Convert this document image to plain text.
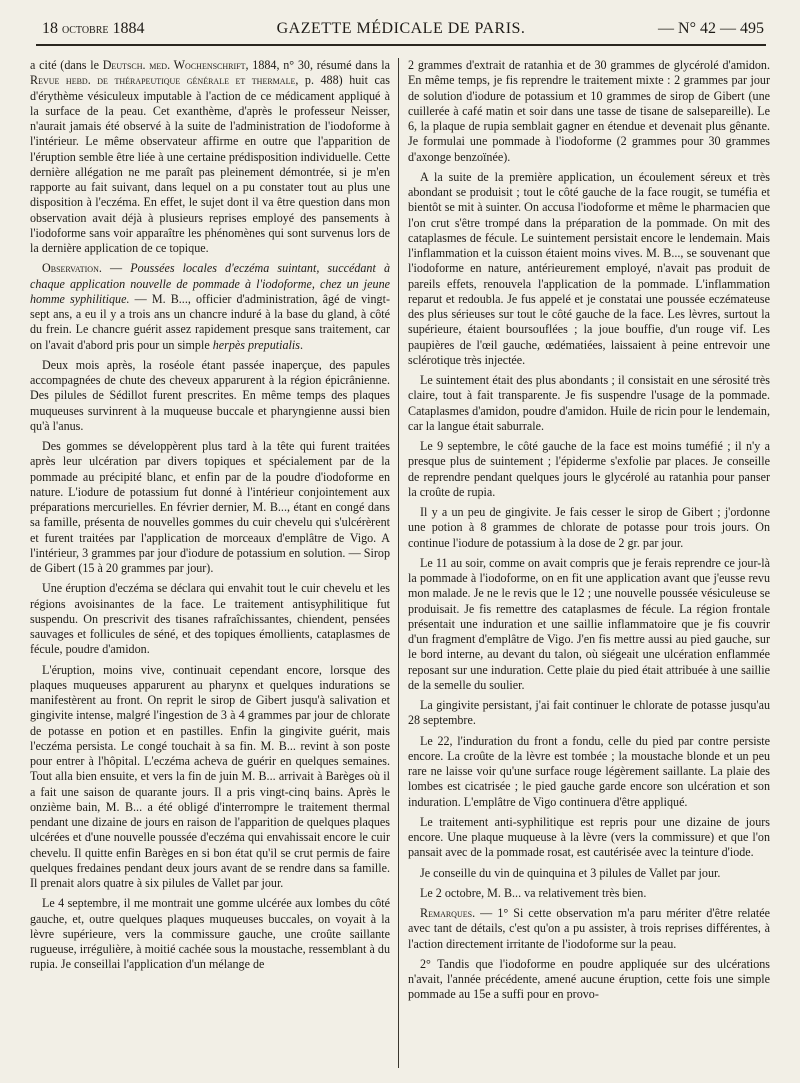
18 octobre 1884	GAZETTE MÉDICALE DE PARIS.	— N° 42 — 495

a cité (dans le Deutsch. med. Wochenschrift, 1884, n° 30, résumé dans la Revue hebd. de thérapeutique générale et thermale, p. 488) huit cas d'érythème vésiculeux imputable à l'action de ce médicament appliqué à la surface de la peau. Cet exanthème, d'après le professeur Neisser, n'aurait jamais été observé à la suite de l'administration de l'iodoforme à l'intérieur. Le même observateur affirme en outre que l'apparition de l'éruption semble être liée à une certaine prédisposition individuelle. Cette dernière allégation ne me paraît pas pleinement démontrée, si je m'en rapporte au fait suivant, dans lequel on a pu constater tout au plus une disposition à l'eczéma. En effet, le sujet dont il va être question dans mon observation avait déjà à plusieurs reprises employé des pansements à l'iodoforme sans voir apparaître les phénomènes qui sont survenus lors de la dernière application de ce topique.

Observation. — Poussées locales d'eczéma suintant, succédant à chaque application nouvelle de pommade à l'iodoforme, chez un jeune homme syphilitique. — M. B..., officier d'administration, âgé de vingt-sept ans, a eu il y a trois ans un chancre induré à la base du gland, à côté du frein. Le chancre guérit assez rapidement presque sans traitement, car on l'avait d'abord pris pour un simple herpès preputialis.

Deux mois après, la roséole étant passée inaperçue, des papules accompagnées de chute des cheveux apparurent à la région épicrânienne. Des pilules de Sédillot furent prescrites. En même temps des plaques muqueuses survinrent à la muqueuse buccale et pharyngienne aussi bien qu'à l'anus.

Des gommes se développèrent plus tard à la tête qui furent traitées après leur ulcération par divers topiques et spécialement par de la pommade au précipité blanc, et enfin par de la poudre d'iodoforme en nature. L'iodure de potassium fut donné à l'intérieur conjointement aux préparations mercurielles. En février dernier, M. B..., étant en congé dans sa famille, présenta de nouvelles gommes du cuir chevelu qui s'ulcérèrent et furent traitées par l'application de morceaux d'emplâtre de Vigo. A l'intérieur, 3 grammes par jour d'iodure de potassium en solution. — Sirop de Gibert (15 à 20 grammes par jour).

Une éruption d'eczéma se déclara qui envahit tout le cuir chevelu et les régions avoisinantes de la face. Le traitement antisyphilitique fut suspendu. On prescrivit des tisanes rafraîchissantes, chiendent, pensées sauvages et follicules de séné, et des topiques émollients, cataplasmes de fécule, poudre d'amidon.

L'éruption, moins vive, continuait cependant encore, lorsque des plaques muqueuses apparurent au pharynx et quelques indurations se manifestèrent au front. On reprit le sirop de Gibert jusqu'à salivation et gingivite intense, malgré l'ingestion de 3 à 4 grammes par jour de chlorate de potasse en potion et en pastilles. Enfin la gingivite guérit, mais l'eczéma persista. Le congé touchait à sa fin. M. B... revint à son poste pour entrer à l'hôpital. L'eczéma acheva de guérir en quelques semaines. Tout alla bien ensuite, et vers la fin de juin M. B... arrivait à Barèges où il a fait une saison de quarante jours. Il a pris vingt-cinq bains. Après le onzième bain, M. B... a été obligé d'interrompre le traitement thermal pendant une dizaine de jours en raison de l'apparition de quelques plaques ulcérées et d'une nouvelle poussée d'eczéma qui envahissait encore le cuir chevelu. Il quitte enfin Barèges en si bon état qu'il se crut permis de faire quelques fredaines pendant deux jours avant de se rendre dans sa famille. Il prenait alors quatre à six pilules de Vallet par jour.

Le 4 septembre, il me montrait une gomme ulcérée aux lombes du côté gauche, et, outre quelques plaques muqueuses buccales, on voyait à la lèvre supérieure, vers la commissure gauche, une croûte saillante rugueuse, irrégulière, à moitié cachée sous la moustache, ressemblant à du rupia. Je conseillai l'application d'un mélange de

2 grammes d'extrait de ratanhia et de 30 grammes de glycérolé d'amidon. En même temps, je fis reprendre le traitement mixte : 2 grammes par jour de solution d'iodure de potassium et 10 grammes de sirop de Gibert (une cuillerée à café matin et soir dans une tasse de tisane de salsepareille). Le 6, la plaque de rupia semblait gagner en étendue et devenait plus gênante. Je formulai une pommade à l'iodoforme (2 grammes pour 30 grammes d'axonge benzoïnée).

A la suite de la première application, un écoulement séreux et très abondant se produisit ; tout le côté gauche de la face rougit, se tuméfia et bientôt se mit à suinter. On accusa l'iodoforme et même le pharmacien que l'on crut s'être trompé dans la préparation de la pommade. On mit des cataplasmes de fécule. Le suintement persistait encore le lendemain. Mais l'inflammation et la cuisson étaient moins vives. M. B..., se souvenant que l'iodoforme en nature, antérieurement employé, n'avait pas produit de pareils effets, renouvela l'application de la pommade. L'inflammation reparut et redoubla. Je fus appelé et je constatai une poussée eczémateuse des plus sérieuses sur tout le côté gauche de la face. Les lèvres, surtout la supérieure, étaient boursouflées ; la joue bouffie, d'un rouge vif. Les paupières de l'œil gauche, œdématiées, laissaient à peine entrevoir une sclérotique très injectée.

Le suintement était des plus abondants ; il consistait en une sérosité très claire, tout à fait transparente. Je fis suspendre l'usage de la pommade. Cataplasmes d'amidon, poudre d'amidon. Huile de ricin pour le lendemain, car la langue était saburrale.

Le 9 septembre, le côté gauche de la face est moins tuméfié ; il n'y a presque plus de suintement ; l'épiderme s'exfolie par places. Je conseille de reprendre pendant quelques jours le glycérolé au ratanhia pour panser la croûte de rupia.

Il y a un peu de gingivite. Je fais cesser le sirop de Gibert ; j'ordonne une potion à 8 grammes de chlorate de potasse pour trois jours. On continue l'iodure de potassium à la dose de 2 gr. par jour.

Le 11 au soir, comme on avait compris que je ferais reprendre ce jour-là la pommade à l'iodoforme, on en fit une application avant que j'eusse revu mon malade. Je ne le revis que le 12 ; une nouvelle poussée vésiculeuse se produisait. Je fis remettre des cataplasmes de fécule. La région frontale présentait une induration et une saillie inflammatoire que je fis couvrir d'un fragment d'emplâtre de Vigo. J'en fis mettre aussi au pied gauche, sur le bord interne, au devant du talon, où siégeait une ulcération enflammée reposant sur une induration. Cette plaie du pied était attribuée à une saillie de la semelle du soulier.

La gingivite persistant, j'ai fait continuer le chlorate de potasse jusqu'au 28 septembre.

Le 22, l'induration du front a fondu, celle du pied par contre persiste encore. La croûte de la lèvre est tombée ; la moustache blonde et un peu rare ne laisse voir qu'une surface rouge légèrement saillante. La plaie des lombes est cicatrisée ; le pied gauche garde encore son ulcération et son induration. L'emplâtre de Vigo continuera d'être appliqué.

Le traitement anti-syphilitique est repris pour une dizaine de jours encore. Une plaque muqueuse à la lèvre (vers la commissure) et que l'on pansait avec de la pommade rosat, est cautérisée avec la teinture d'iode.

Je conseille du vin de quinquina et 3 pilules de Vallet par jour.

Le 2 octobre, M. B... va relativement très bien.

Remarques. — 1° Si cette observation m'a paru mériter d'être relatée avec tant de détails, c'est qu'on a pu assister, à trois reprises différentes, à l'action directement irritante de l'iodoforme sur la peau.

2° Tandis que l'iodoforme en poudre appliquée sur des ulcérations n'avait, l'année précédente, amené aucune éruption, cette fois une simple pommade au 15e a suffi pour en provo-
